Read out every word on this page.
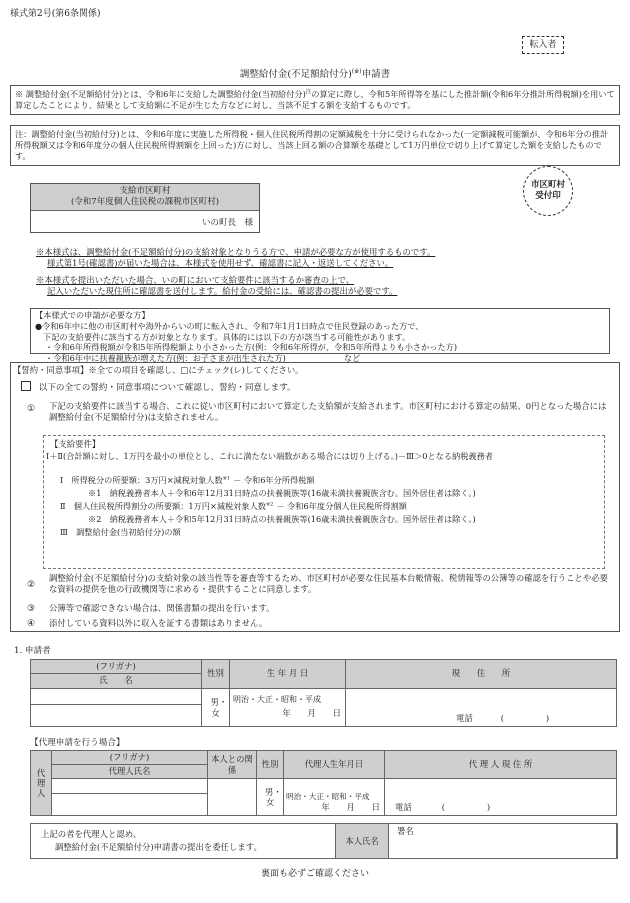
様式第2号(第6条関係)
転入者
調整給付金(不足額給付分)(※)申請書
※ 調整給付金(不足額給付分)とは、令和6年に支給した調整給付金(当初給付分)$^注$の算定に際し、令和5年所得等を基にした推計額(令和6年分推計所得税額)を用いて算定したことにより、結果として支給額に不足が生じた方などに対し、当該不足する額を支給するものです。
注：調整給付金(当初給付分)とは、令和6年度に実施した所得税・個人住民税所得割の定額減税を十分に受けられなかった(一定額減税可能額が、令和6年分の推計所得税額又は令和6年度分の個人住民税所得割額を上回った)方に対し、当該上回る額の合算額を基礎として1万円単位で切り上げて算定した額を支給したものです。
支給市区町村
(令和7年度個人住民税の課税市区町村)
いの町長　様
市区町村
受付印
※本様式は、調整給付金(不足額給付分)の支給対象となりうる方で、申請が必要な方が使用するものです。
様式第1号(確認書)が届いた場合は、本様式を使用せず、確認書に記入・返送してください。
※本様式を提出いただいた場合、いの町において支給要件に該当するか審査の上で、
記入いただいた現住所に確認書を送付します。給付金の受給には、確認書の提出が必要です。
【本様式での申請が必要な方】
●令和6年中に他の市区町村や海外からいの町に転入され、令和7年1月1日時点で住民登録のあった方で、
下記の支給要件に該当する方が対象となります。具体的には以下の方が該当する可能性があります。
・令和6年所得税額が令和5年所得税額より小さかった方(例：令和6年所得が、令和5年所得よりも小さかった方)
・令和6年中に扶養親族が増えた方(例：お子さまが出生された方)	など
【誓約・同意事項】※全ての項目を確認し、□にチェック(レ)してください。
以下の全ての誓約・同意事項について確認し、誓約・同意します。
① 下記の支給要件に該当する場合、これに従い市区町村において算定した支給額が支給されます。市区町村における算定の結果、0円となった場合には調整給付金(不足額給付分)は支給されません。
【支給要件】
Ⅰ＋Ⅱ(合計額に対し、1万円を最小の単位とし、これに満たない端数がある場合には切り上げる。)－Ⅲ＞0となる納税義務者
Ⅰ　所得税分の所要額：3万円×減税対象人数$^{※1}$ － 令和6年分所得税額
※1　納税義務者本人＋令和6年12月31日時点の扶養親族等(16歳未満扶養親族含む。国外居住者は除く。)
Ⅱ　個人住民税所得割分の所要額：1万円×減税対象人数$^{※2}$ － 令和6年度分個人住民税所得割額
※2　納税義務者本人＋令和5年12月31日時点の扶養親族等(16歳未満扶養親族含む。国外居住者は除く。)
Ⅲ　調整給付金(当初給付分)の額
②
調整給付金(不足額給付分)の支給対象の該当性等を審査等するため、市区町村が必要な住民基本台帳情報、税情報等の公簿等の確認を行うことや必要な資料の提供を他の行政機関等に求める・提供することに同意します。
③ 公簿等で確認できない場合は、関係書類の提出を行います。
④ 添付している資料以外に収入を証する書類はありません。
1. 申請者
(フリガナ)	性別	生 年 月 日	現　　住　　所
氏　　名			

	男・女	明治・大正・昭和・平成
年　　月　　日	電話 (　　　　　)

【代理申請を行う場合】
代理人	(フリガナ)	本人との関係	性別	代理人生年月日	代 理 人 現 住 所
	代理人氏名				

			男・女	明治・大正・昭和・平成
年　　月　　日	電話 (　　　　　)

上記の者を代理人と認め、
調整給付金(不足額給付分)申請書の提出を委任します。
本人氏名
署名
裏面も必ずご確認ください
